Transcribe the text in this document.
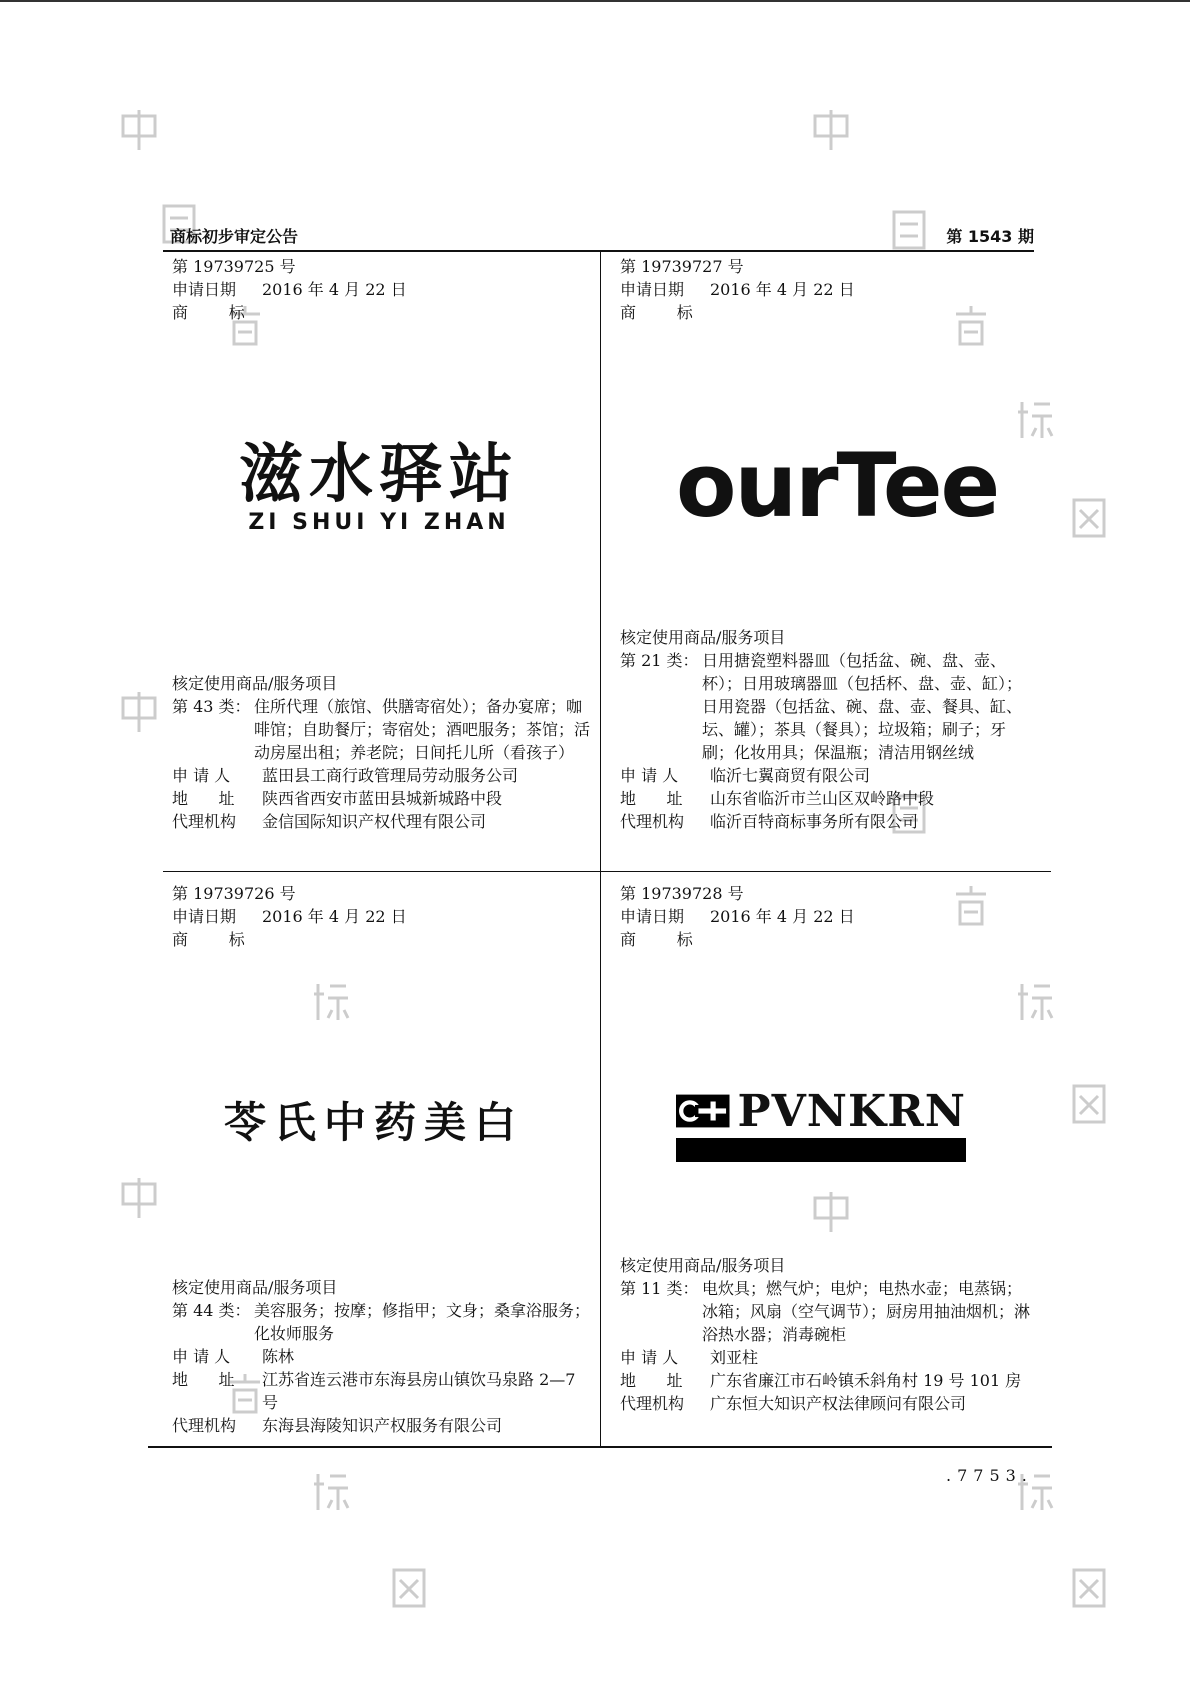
商标初步审定公告	第 1543 期
第 19739725 号
申请日期	2016 年 4 月 22 日
商        标
滋水驿站
ZI SHUI YI ZHAN
核定使用商品/服务项目
第 43 类： 住所代理（旅馆、供膳寄宿处）；备办宴席；咖啡馆；自助餐厅；寄宿处；酒吧服务；茶馆；活动房屋出租；养老院；日间托儿所（看孩子）
申 请 人	蓝田县工商行政管理局劳动服务公司
地      址	陕西省西安市蓝田县城新城路中段
代理机构	金信国际知识产权代理有限公司
第 19739727 号
申请日期	2016 年 4 月 22 日
商        标
ourTee
核定使用商品/服务项目
第 21 类： 日用搪瓷塑料器皿（包括盆、碗、盘、壶、杯）；日用玻璃器皿（包括杯、盘、壶、缸）；日用瓷器（包括盆、碗、盘、壶、餐具、缸、坛、罐）；茶具（餐具）；垃圾箱；刷子；牙刷；化妆用具；保温瓶；清洁用钢丝绒
申 请 人	临沂七翼商贸有限公司
地      址	山东省临沂市兰山区双岭路中段
代理机构	临沂百特商标事务所有限公司
第 19739726 号
申请日期	2016 年 4 月 22 日
商        标
苓氏中药美白
核定使用商品/服务项目
第 44 类： 美容服务；按摩；修指甲；文身；桑拿浴服务；化妆师服务
申 请 人	陈林
地      址	江苏省连云港市东海县房山镇饮马泉路 2—7 号
代理机构	东海县海陵知识产权服务有限公司
第 19739728 号
申请日期	2016 年 4 月 22 日
商        标
PVNKRN
核定使用商品/服务项目
第 11 类： 电炊具；燃气炉；电炉；电热水壶；电蒸锅；冰箱；风扇（空气调节）；厨房用抽油烟机；淋浴热水器；消毒碗柜
申 请 人	刘亚柱
地      址	广东省廉江市石岭镇禾斜角村 19 号 101 房
代理机构	广东恒大知识产权法律顾问有限公司
.7753.
